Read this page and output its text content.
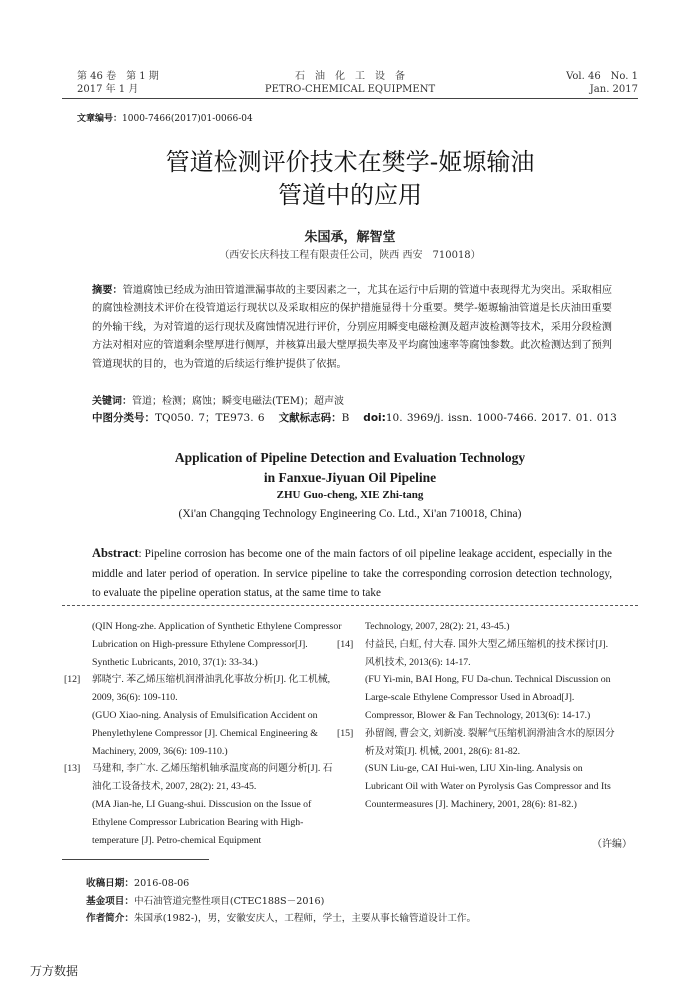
第 46 卷　第 1 期
2017 年 1 月
石　油　化　工　设　备
PETRO-CHEMICAL EQUIPMENT
Vol. 46　No. 1
Jan. 2017
文章编号：1000-7466(2017)01-0066-04
管道检测评价技术在樊学-姬塬输油
管道中的应用
朱国承，解智堂
（西安长庆科技工程有限责任公司，陕西 西安　710018）
摘要：管道腐蚀已经成为油田管道泄漏事故的主要因素之一，尤其在运行中后期的管道中表现得尤为突出。采取相应的腐蚀检测技术评价在役管道运行现状以及采取相应的保护措施显得十分重要。樊学-姬塬输油管道是长庆油田重要的外输干线，为对管道的运行现状及腐蚀情况进行评价，分别应用瞬变电磁检测及超声波检测等技术，采用分段检测方法对相对应的管道剩余壁厚进行侧厚，并核算出最大壁厚损失率及平均腐蚀速率等腐蚀参数。此次检测达到了预判管道现状的目的，也为管道的后续运行维护提供了依据。
关键词：管道；检测；腐蚀；瞬变电磁法(TEM)；超声波
中图分类号：TQ050. 7；TE973. 6 文献标志码：B doi:10. 3969/j. issn. 1000-7466. 2017. 01. 013
Application of Pipeline Detection and Evaluation Technology
in Fanxue-Jiyuan Oil Pipeline
ZHU Guo-cheng, XIE Zhi-tang
(Xi'an Changqing Technology Engineering Co. Ltd., Xi'an 710018, China)
Abstract: Pipeline corrosion has become one of the main factors of oil pipeline leakage accident, especially in the middle and later period of operation. In service pipeline to take the corresponding corrosion detection technology, to evaluate the pipeline operation status, at the same time to take

(QIN Hong-zhe. Application of Synthetic Ethylene Compressor Lubrication on High-pressure Ethylene Compressor[J]. Synthetic Lubricants, 2010, 37(1): 33-34.)

[12] 郭晓宁. 苯乙烯压缩机润滑油乳化事故分析[J]. 化工机械, 2009, 36(6): 109-110.

(GUO Xiao-ning. Analysis of Emulsification Accident on Phenylethylene Compressor [J]. Chemical Engineering & Machinery, 2009, 36(6): 109-110.)

[13] 马建和, 李广水. 乙烯压缩机轴承温度高的问题分析[J]. 石油化工设备技术, 2007, 28(2): 21, 43-45.

(MA Jian-he, LI Guang-shui. Disscusion on the Issue of Ethylene Compressor Lubrication Bearing with High-temperature [J]. Petro-chemical Equipment

Technology, 2007, 28(2): 21, 43-45.)

[14] 付益民, 白虹, 付大春. 国外大型乙烯压缩机的技术探讨[J]. 风机技术, 2013(6): 14-17.

(FU Yi-min, BAI Hong, FU Da-chun. Technical Discussion on Large-scale Ethylene Compressor Used in Abroad[J]. Compressor, Blower & Fan Technology, 2013(6): 14-17.)

[15] 孙留阁, 曹会文, 刘新凌. 裂解气压缩机润滑油含水的原因分析及对策[J]. 机械, 2001, 28(6): 81-82.

(SUN Liu-ge, CAI Hui-wen, LIU Xin-ling. Analysis on Lubricant Oil with Water on Pyrolysis Gas Compressor and Its Countermeasures [J]. Machinery, 2001, 28(6): 81-82.)

（许编）
收稿日期：2016-08-06
基金项目：中石油管道完整性项目(CTEC188S－2016)
作者简介：朱国承(1982-)，男，安徽安庆人，工程师，学士，主要从事长输管道设计工作。
万方数据
